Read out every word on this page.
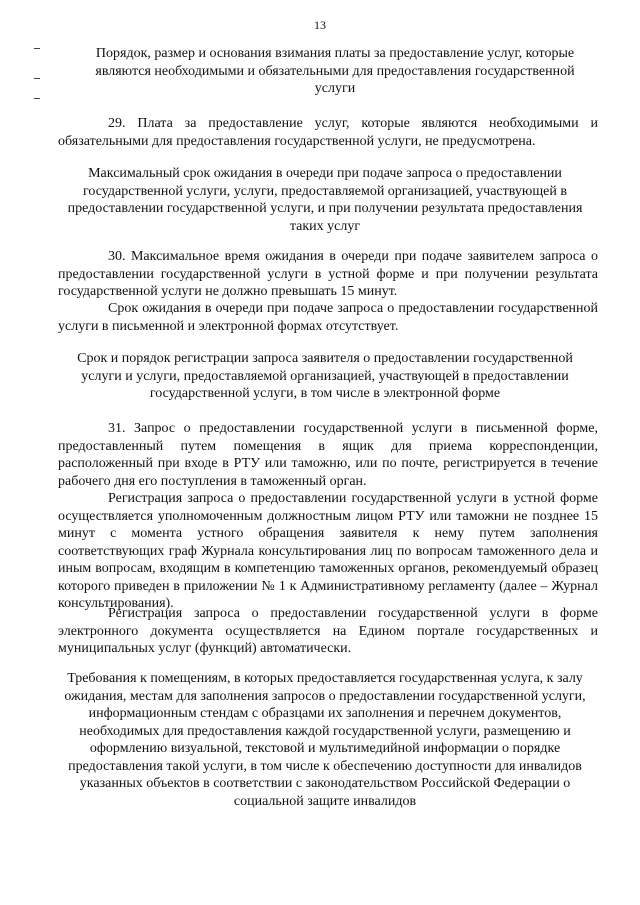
13
Порядок, размер и основания взимания платы за предоставление услуг, которые являются необходимыми и обязательными для предоставления государственной услуги
29. Плата за предоставление услуг, которые являются необходимыми и обязательными для предоставления государственной услуги, не предусмотрена.
Максимальный срок ожидания в очереди при подаче запроса о предоставлении государственной услуги, услуги, предоставляемой организацией, участвующей в предоставлении государственной услуги, и при получении результата предоставления таких услуг
30. Максимальное время ожидания в очереди при подаче заявителем запроса о предоставлении государственной услуги в устной форме и при получении результата государственной услуги не должно превышать 15 минут.
Срок ожидания в очереди при подаче запроса о предоставлении государственной услуги в письменной и электронной формах отсутствует.
Срок и порядок регистрации запроса заявителя о предоставлении государственной услуги и услуги, предоставляемой организацией, участвующей в предоставлении государственной услуги, в том числе в электронной форме
31. Запрос о предоставлении государственной услуги в письменной форме, предоставленный путем помещения в ящик для приема корреспонденции, расположенный при входе в РТУ или таможню, или по почте, регистрируется в течение рабочего дня его поступления в таможенный орган.
Регистрация запроса о предоставлении государственной услуги в устной форме осуществляется уполномоченным должностным лицом РТУ или таможни не позднее 15 минут с момента устного обращения заявителя к нему путем заполнения соответствующих граф Журнала консультирования лиц по вопросам таможенного дела и иным вопросам, входящим в компетенцию таможенных органов, рекомендуемый образец которого приведен в приложении № 1 к Административному регламенту (далее – Журнал консультирования).
Регистрация запроса о предоставлении государственной услуги в форме электронного документа осуществляется на Едином портале государственных и муниципальных услуг (функций) автоматически.
Требования к помещениям, в которых предоставляется государственная услуга, к залу ожидания, местам для заполнения запросов о предоставлении государственной услуги, информационным стендам с образцами их заполнения и перечнем документов, необходимых для предоставления каждой государственной услуги, размещению и оформлению визуальной, текстовой и мультимедийной информации о порядке предоставления такой услуги, в том числе к обеспечению доступности для инвалидов указанных объектов в соответствии с законодательством Российской Федерации о социальной защите инвалидов
